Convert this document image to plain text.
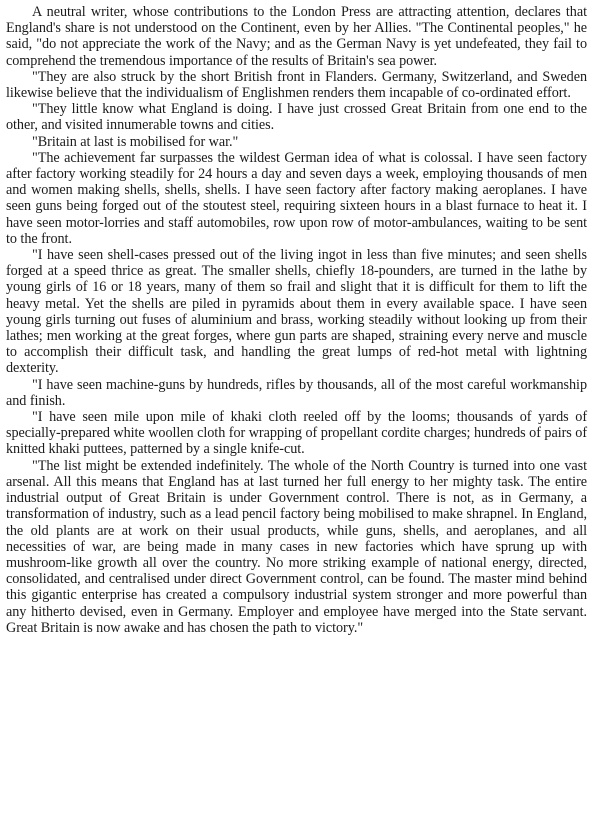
A neutral writer, whose contributions to the London Press are attracting attention, declares that England's share is not understood on the Continent, even by her Allies. "The Continental peoples," he said, "do not appreciate the work of the Navy; and as the German Navy is yet undefeated, they fail to comprehend the tremendous importance of the results of Britain's sea power.

"They are also struck by the short British front in Flanders. Germany, Switzerland, and Sweden likewise believe that the individualism of Englishmen renders them incapable of co-ordinated effort.

"They little know what England is doing. I have just crossed Great Britain from one end to the other, and visited innumerable towns and cities.

"Britain at last is mobilised for war."

"The achievement far surpasses the wildest German idea of what is colossal. I have seen factory after factory working steadily for 24 hours a day and seven days a week, employing thousands of men and women making shells, shells, shells. I have seen factory after factory making aeroplanes. I have seen guns being forged out of the stoutest steel, requiring sixteen hours in a blast furnace to heat it. I have seen motor-lorries and staff automobiles, row upon row of motor-ambulances, waiting to be sent to the front.

"I have seen shell-cases pressed out of the living ingot in less than five minutes; and seen shells forged at a speed thrice as great. The smaller shells, chiefly 18-pounders, are turned in the lathe by young girls of 16 or 18 years, many of them so frail and slight that it is difficult for them to lift the heavy metal. Yet the shells are piled in pyramids about them in every available space. I have seen young girls turning out fuses of aluminium and brass, working steadily without looking up from their lathes; men working at the great forges, where gun parts are shaped, straining every nerve and muscle to accomplish their difficult task, and handling the great lumps of red-hot metal with lightning dexterity.

"I have seen machine-guns by hundreds, rifles by thousands, all of the most careful workmanship and finish.

"I have seen mile upon mile of khaki cloth reeled off by the looms; thousands of yards of specially-prepared white woollen cloth for wrapping of propellant cordite charges; hundreds of pairs of knitted khaki puttees, patterned by a single knife-cut.

"The list might be extended indefinitely. The whole of the North Country is turned into one vast arsenal. All this means that England has at last turned her full energy to her mighty task. The entire industrial output of Great Britain is under Government control. There is not, as in Germany, a transformation of industry, such as a lead pencil factory being mobilised to make shrapnel. In England, the old plants are at work on their usual products, while guns, shells, and aeroplanes, and all necessities of war, are being made in many cases in new factories which have sprung up with mushroom-like growth all over the country. No more striking example of national energy, directed, consolidated, and centralised under direct Government control, can be found. The master mind behind this gigantic enterprise has created a compulsory industrial system stronger and more powerful than any hitherto devised, even in Germany. Employer and employee have merged into the State servant. Great Britain is now awake and has chosen the path to victory."
